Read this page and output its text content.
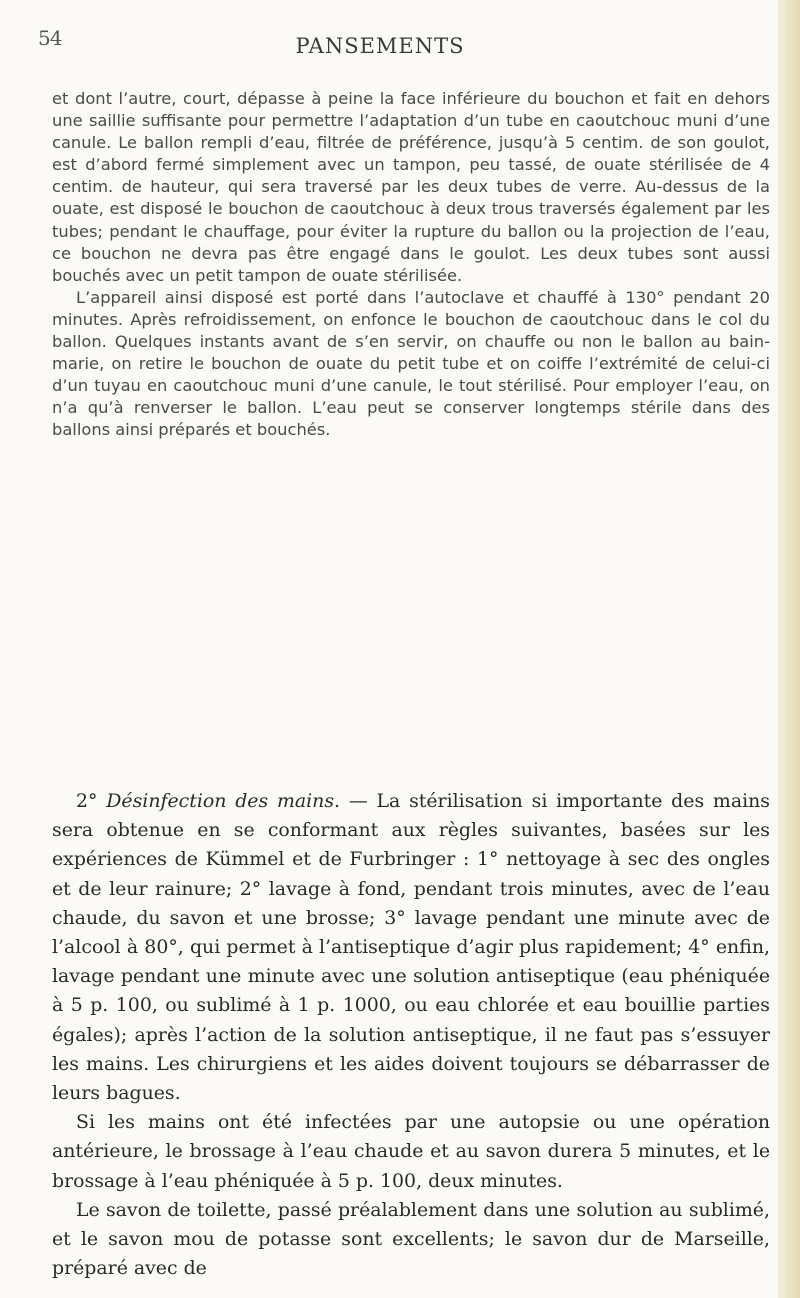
54	PANSEMENTS

et dont l’autre, court, dépasse à peine la face inférieure du bouchon et fait en dehors une saillie suffisante pour permettre l’adaptation d’un tube en caoutchouc muni d’une canule. Le ballon rempli d’eau, filtrée de préférence, jusqu’à 5 centim. de son goulot, est d’abord fermé simplement avec un tampon, peu tassé, de ouate stérilisée de 4 centim. de hauteur, qui sera traversé par les deux tubes de verre. Au-dessus de la ouate, est disposé le bouchon de caoutchouc à deux trous traversés également par les tubes; pendant le chauffage, pour éviter la rupture du ballon ou la projection de l’eau, ce bouchon ne devra pas être engagé dans le goulot. Les deux tubes sont aussi bouchés avec un petit tampon de ouate stérilisée.

L’appareil ainsi disposé est porté dans l’autoclave et chauffé à 130° pendant 20 minutes. Après refroidissement, on enfonce le bouchon de caoutchouc dans le col du ballon. Quelques instants avant de s’en servir, on chauffe ou non le ballon au bain-marie, on retire le bouchon de ouate du petit tube et on coiffe l’extrémité de celui-ci d’un tuyau en caoutchouc muni d’une canule, le tout stérilisé. Pour employer l’eau, on n’a qu’à renverser le ballon. L’eau peut se conserver longtemps stérile dans des ballons ainsi préparés et bouchés.

2° Désinfection des mains. — La stérilisation si importante des mains sera obtenue en se conformant aux règles suivantes, basées sur les expériences de Kümmel et de Furbringer : 1° nettoyage à sec des ongles et de leur rainure; 2° lavage à fond, pendant trois minutes, avec de l’eau chaude, du savon et une brosse; 3° lavage pendant une minute avec de l’alcool à 80°, qui permet à l’antiseptique d’agir plus rapidement; 4° enfin, lavage pendant une minute avec une solution antiseptique (eau phéniquée à 5 p. 100, ou sublimé à 1 p. 1000, ou eau chlorée et eau bouillie parties égales); après l’action de la solution antiseptique, il ne faut pas s’essuyer les mains. Les chirurgiens et les aides doivent toujours se débarrasser de leurs bagues.

Si les mains ont été infectées par une autopsie ou une opération antérieure, le brossage à l’eau chaude et au savon durera 5 minutes, et le brossage à l’eau phéniquée à 5 p. 100, deux minutes.

Le savon de toilette, passé préalablement dans une solution au sublimé, et le savon mou de potasse sont excellents; le savon dur de Marseille, préparé avec de
